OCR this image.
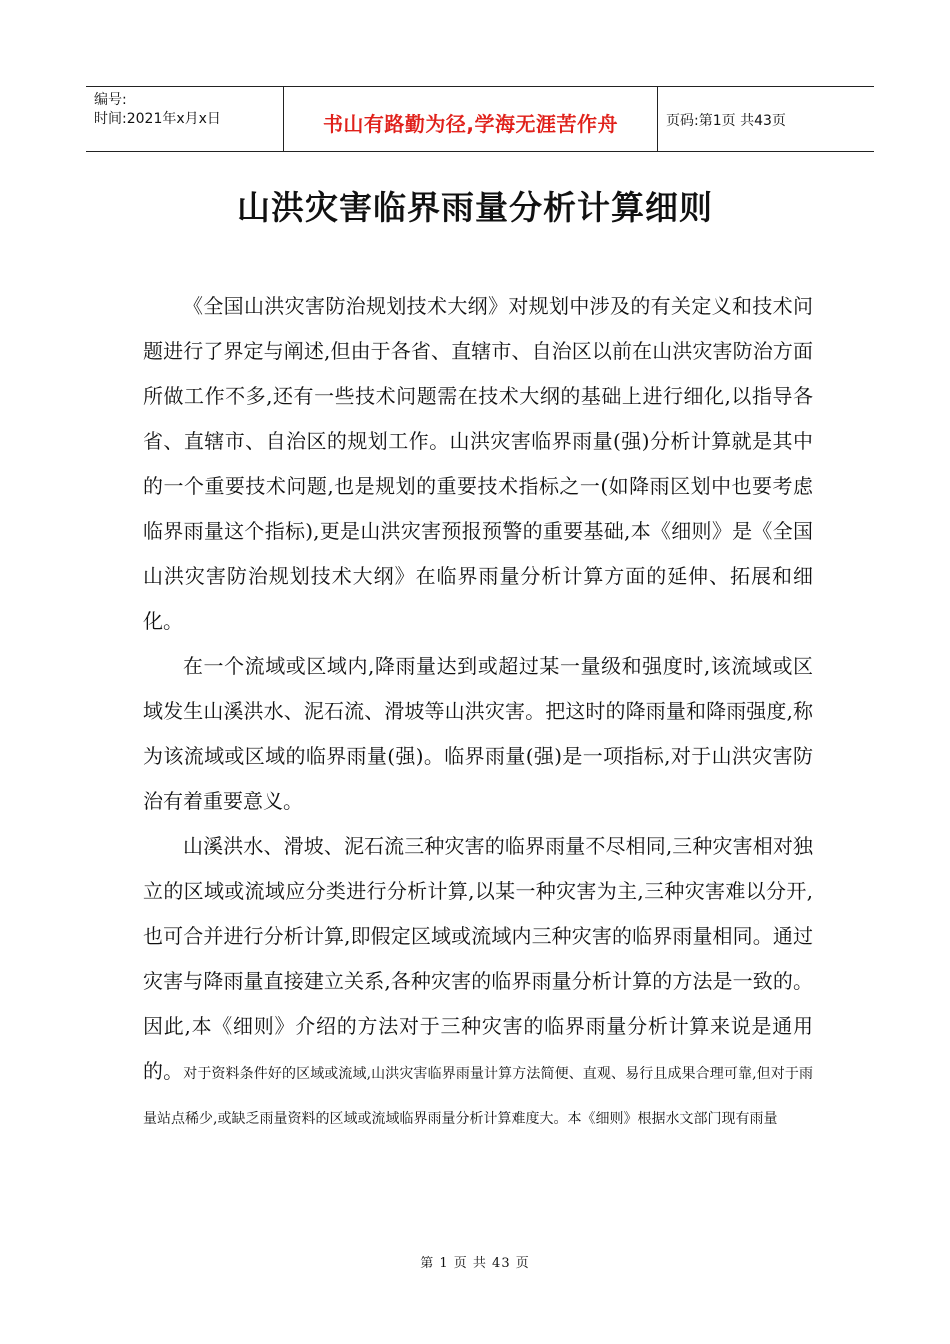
编号:
时间:2021年x月x日	书山有路勤为径,学海无涯苦作舟	页码:第1页 共43页
山洪灾害临界雨量分析计算细则

《全国山洪灾害防治规划技术大纲》对规划中涉及的有关定义和技术问题进行了界定与阐述,但由于各省、直辖市、自治区以前在山洪灾害防治方面所做工作不多,还有一些技术问题需在技术大纲的基础上进行细化,以指导各省、直辖市、自治区的规划工作。山洪灾害临界雨量(强)分析计算就是其中的一个重要技术问题,也是规划的重要技术指标之一(如降雨区划中也要考虑临界雨量这个指标),更是山洪灾害预报预警的重要基础,本《细则》是《全国山洪灾害防治规划技术大纲》在临界雨量分析计算方面的延伸、拓展和细化。

在一个流域或区域内,降雨量达到或超过某一量级和强度时,该流域或区域发生山溪洪水、泥石流、滑坡等山洪灾害。把这时的降雨量和降雨强度,称为该流域或区域的临界雨量(强)。临界雨量(强)是一项指标,对于山洪灾害防治有着重要意义。

山溪洪水、滑坡、泥石流三种灾害的临界雨量不尽相同,三种灾害相对独立的区域或流域应分类进行分析计算,以某一种灾害为主,三种灾害难以分开,也可合并进行分析计算,即假定区域或流域内三种灾害的临界雨量相同。通过灾害与降雨量直接建立关系,各种灾害的临界雨量分析计算的方法是一致的。因此,本《细则》介绍的方法对于三种灾害的临界雨量分析计算来说是通用的。对于资料条件好的区域或流域,山洪灾害临界雨量计算方法简便、直观、易行且成果合理可靠,但对于雨量站点稀少,或缺乏雨量资料的区域或流域临界雨量分析计算难度大。本《细则》根据水文部门现有雨量

第 1 页 共 43 页
